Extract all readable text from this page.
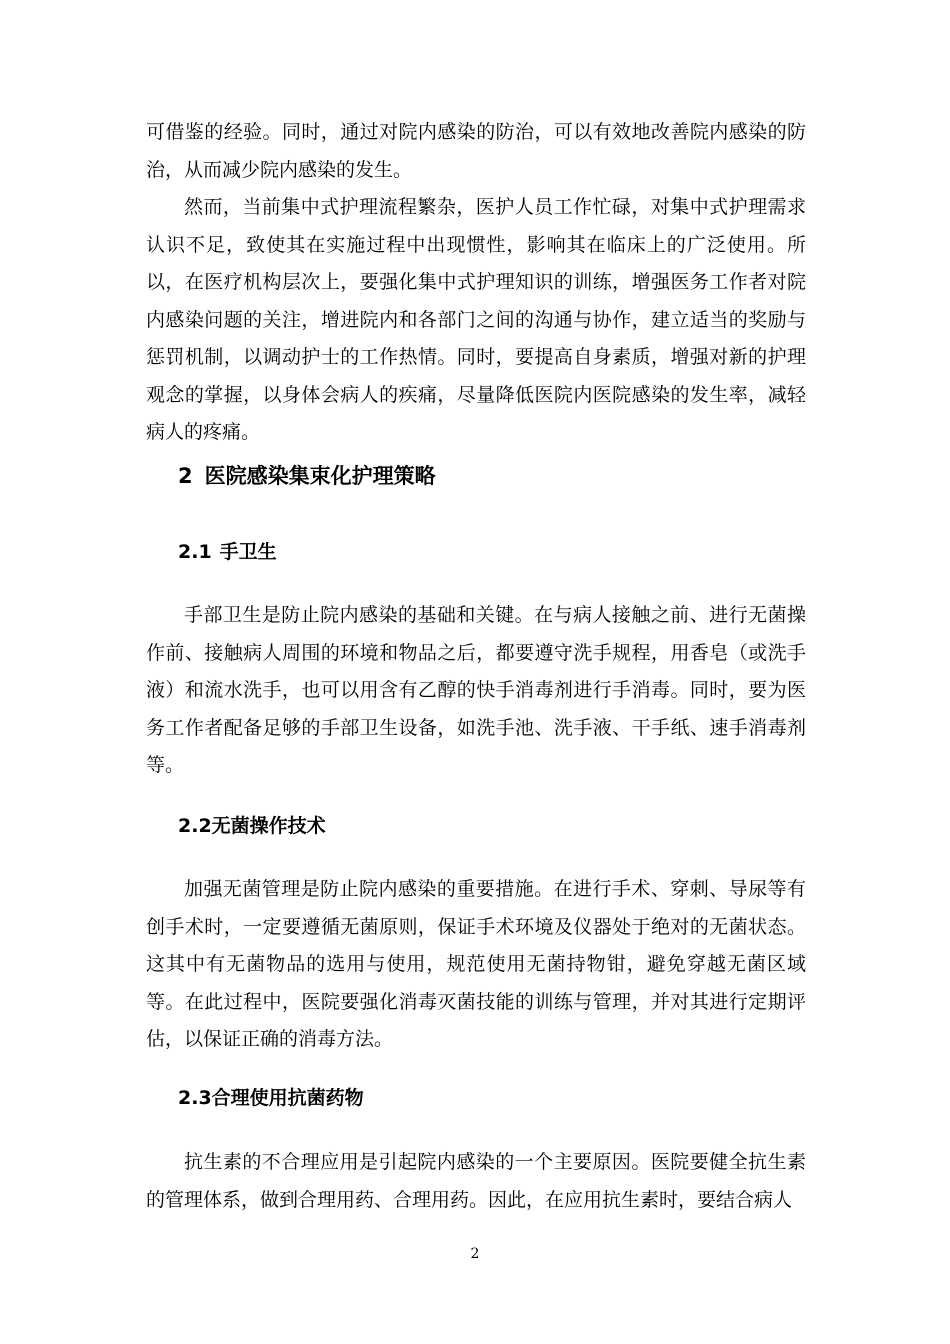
可借鉴的经验。同时，通过对院内感染的防治，可以有效地改善院内感染的防治，从而减少院内感染的发生。

然而，当前集中式护理流程繁杂，医护人员工作忙碌，对集中式护理需求认识不足，致使其在实施过程中出现惯性，影响其在临床上的广泛使用。所以，在医疗机构层次上，要强化集中式护理知识的训练，增强医务工作者对院内感染问题的关注，增进院内和各部门之间的沟通与协作，建立适当的奖励与惩罚机制，以调动护士的工作热情。同时，要提高自身素质，增强对新的护理观念的掌握，以身体会病人的疾痛，尽量降低医院内医院感染的发生率，减轻病人的疼痛。

2 医院感染集束化护理策略
2.1 手卫生

手部卫生是防止院内感染的基础和关键。在与病人接触之前、进行无菌操作前、接触病人周围的环境和物品之后，都要遵守洗手规程，用香皂（或洗手液）和流水洗手，也可以用含有乙醇的快手消毒剂进行手消毒。同时，要为医务工作者配备足够的手部卫生设备，如洗手池、洗手液、干手纸、速手消毒剂等。

2.2无菌操作技术

加强无菌管理是防止院内感染的重要措施。在进行手术、穿刺、导尿等有创手术时，一定要遵循无菌原则，保证手术环境及仪器处于绝对的无菌状态。这其中有无菌物品的选用与使用，规范使用无菌持物钳，避免穿越无菌区域等。在此过程中，医院要强化消毒灭菌技能的训练与管理，并对其进行定期评估，以保证正确的消毒方法。

2.3合理使用抗菌药物

抗生素的不合理应用是引起院内感染的一个主要原因。医院要健全抗生素的管理体系，做到合理用药、合理用药。因此，在应用抗生素时，要结合病人

2
